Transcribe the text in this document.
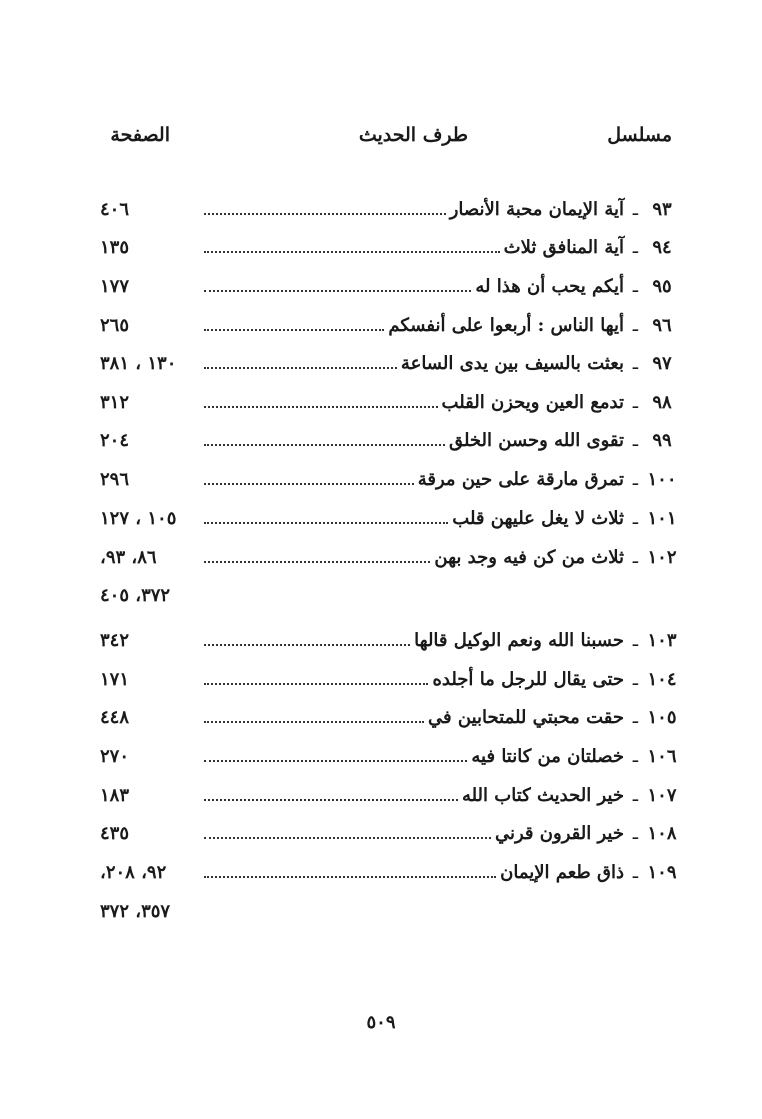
مسلسل
طرف الحديث
الصفحة
٩٣
ـ
آية الإيمان محبة الأنصار
٤٠٦
٩٤
ـ
آية المنافق ثلاث
١٣٥
٩٥
ـ
أيكم يحب أن هذا له
١٧٧
٩٦
ـ
أيها الناس : أربعوا على أنفسكم
٢٦٥
٩٧
ـ
بعثت بالسيف بين يدى الساعة
١٣٠ ، ٣٨١
٩٨
ـ
تدمع العين ويحزن القلب
٣١٢
٩٩
ـ
تقوى الله وحسن الخلق
٢٠٤
١٠٠
ـ
تمرق مارقة على حين مرقة
٢٩٦
١٠١
ـ
ثلاث لا يغل عليهن قلب
١٠٥ ، ١٢٧
١٠٢
ـ
ثلاث من كن فيه وجد بهن
٨٦، ٩٣،
٣٧٢، ٤٠٥
١٠٣
ـ
حسبنا الله ونعم الوكيل قالها
٣٤٢
١٠٤
ـ
حتى يقال للرجل ما أجلده
١٧١
١٠٥
ـ
حقت محبتي للمتحابين في
٤٤٨
١٠٦
ـ
خصلتان من كانتا فيه
٢٧٠
١٠٧
ـ
خير الحديث كتاب الله
١٨٣
١٠٨
ـ
خير القرون قرني
٤٣٥
١٠٩
ـ
ذاق طعم الإيمان
٩٢، ٢٠٨،
٣٥٧، ٣٧٢
٥٠٩
